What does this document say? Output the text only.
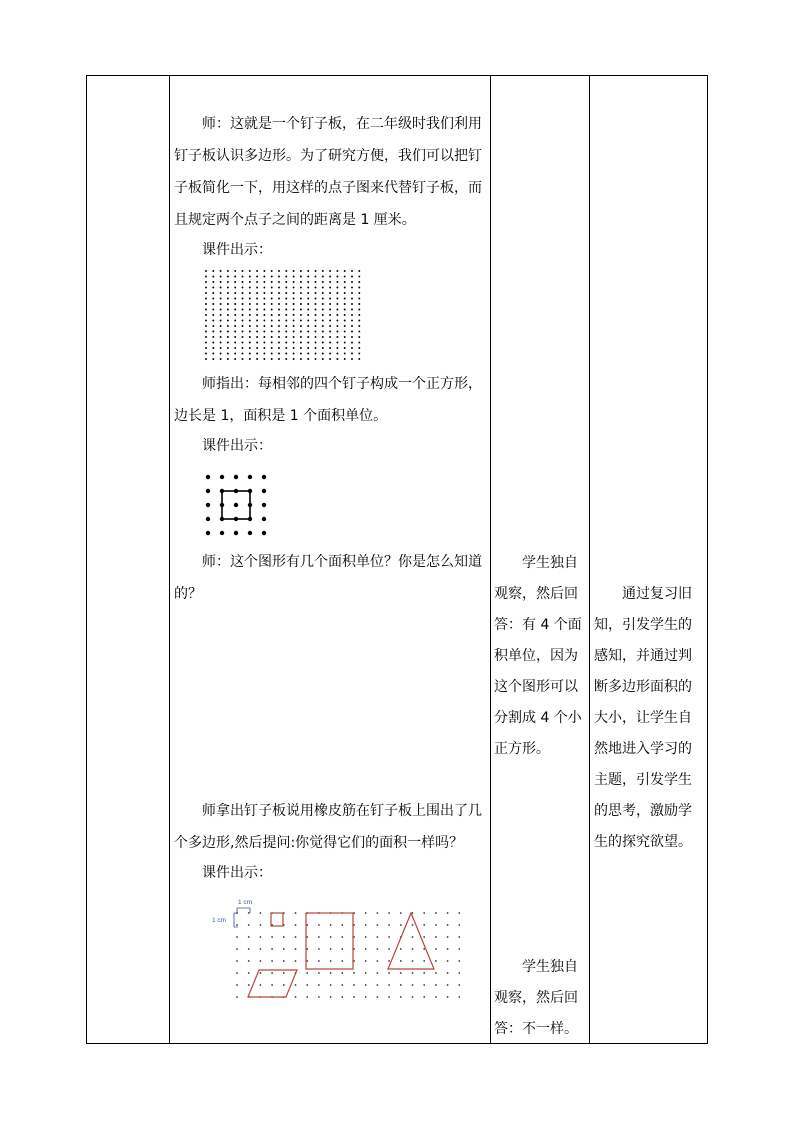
师：这就是一个钉子板，在二年级时我们利用钉子板认识多边形。为了研究方便，我们可以把钉子板简化一下，用这样的点子图来代替钉子板，而且规定两个点子之间的距离是 1 厘米。

课件出示：

师指出：每相邻的四个钉子构成一个正方形，边长是 1，面积是 1 个面积单位。

课件出示：

师：这个图形有几个面积单位？你是怎么知道的？

师拿出钉子板说用橡皮筋在钉子板上围出了几个多边形,然后提问:你觉得它们的面积一样吗？

课件出示：

1 cm
1 cm

学生独自观察，然后回答：有 4 个面积单位，因为这个图形可以分割成 4 个小正方形。

学生独自观察，然后回答：不一样。

通过复习旧知，引发学生的感知，并通过判断多边形面积的大小，让学生自然地进入学习的主题，引发学生的思考，激励学生的探究欲望。
